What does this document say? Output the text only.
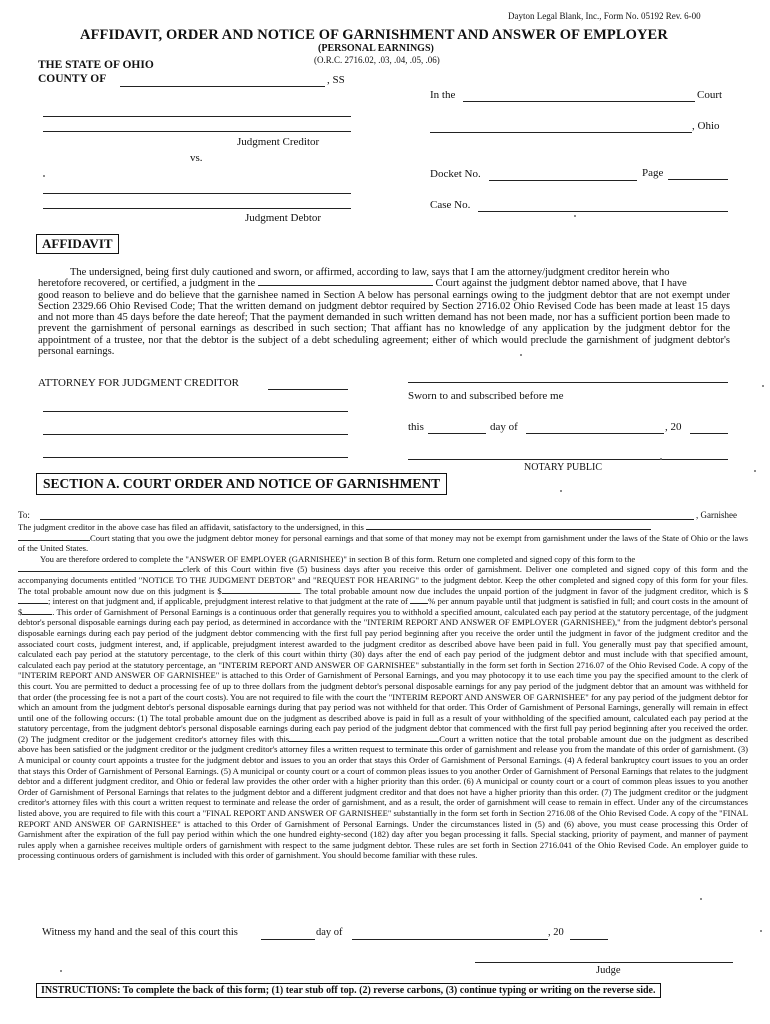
Dayton Legal Blank, Inc., Form No. 05192 Rev. 6-00
AFFIDAVIT, ORDER AND NOTICE OF GARNISHMENT AND ANSWER OF EMPLOYER
(PERSONAL EARNINGS)
(O.R.C. 2716.02, .03, .04, .05, .06)
THE STATE OF OHIO
COUNTY OF	, SS
Judgment Creditor
vs.
Judgment Debtor
In the	Court
, Ohio
Docket No.	Page
Case No.
AFFIDAVIT
The undersigned, being first duly cautioned and sworn, or affirmed, according to law, says that I am the attorney/judgment creditor herein who
heretofore recovered, or certified, a judgment in the	Court against the judgment debtor named above, that I have
good reason to believe and do believe that the garnishee named in Section A below has personal earnings owing to the judgment debtor that are not exempt under Section 2329.66 Ohio Revised Code; That the written demand on judgment debtor required by Section 2716.02 Ohio Revised Code has been made at least 15 days and not more than 45 days before the date hereof; That the payment demanded in such written demand has not been made, nor has a sufficient portion been made to prevent the garnishment of personal earnings as described in such section; That affiant has no knowledge of any application by the judgment debtor for the appointment of a trustee, nor that the debtor is the subject of a debt scheduling agreement; either of which would preclude the garnishment of judgment debtor's personal earnings.
ATTORNEY FOR JUDGMENT CREDITOR
Sworn to and subscribed before me
this	day of	, 20
NOTARY PUBLIC
SECTION A. COURT ORDER AND NOTICE OF GARNISHMENT
To:	, Garnishee
The judgment creditor in the above case has filed an affidavit, satisfactory to the undersigned, in this
Court stating that you owe the judgment debtor money for personal earnings and that some of that money may not be exempt from garnishment under the laws of the State of Ohio or the laws of the United States.
You are therefore ordered to complete the "ANSWER OF EMPLOYER (GARNISHEE)" in section B of this form. Return one completed and signed copy of this form to the
clerk of this Court within five (5) business days after you receive this order of garnishment. Deliver one completed and signed copy of this form and the accompanying documents entitled "NOTICE TO THE JUDGMENT DEBTOR" and "REQUEST FOR HEARING" to the judgment debtor. Keep the other completed and signed copy of this form for your files. The total probable amount now due on this judgment is $	. The total probable amount now due includes the unpaid portion of the judgment in favor of the judgment creditor, which is $; interest on that judgment and, if applicable, prejudgment interest relative to that judgment at the rate of % per annum payable until that judgment is satisfied in full; and court costs in the amount of $	. This order of Garnishment of Personal Earnings is a continuous order that generally requires you to withhold a specified amount, calculated each pay period at the statutory percentage, of the judgment debtor's personal disposable earnings during each pay period, as determined in accordance with the "INTERIM REPORT AND ANSWER OF EMPLOYER (GARNISHEE)," from the judgment debtor's personal disposable earnings during each pay period of the judgment debtor commencing with the first full pay period beginning after you receive the order until the judgment in favor of the judgment creditor and the associated court costs, judgment interest, and, if applicable, prejudgment interest awarded to the judgment creditor as described above have been paid in full. You generally must pay that specified amount, calculated each pay period at the statutory percentage, to the clerk of this court within thirty (30) days after the end of each pay period of the judgment debtor and must include with that specified amount, calculated each pay period at the statutory percentage, an "INTERIM REPORT AND ANSWER OF GARNISHEE" substantially in the form set forth in Section 2716.07 of the Ohio Revised Code. A copy of the "INTERIM REPORT AND ANSWER OF GARNISHEE" is attached to this Order of Garnishment of Personal Earnings, and you may photocopy it to use each time you pay the specified amount to the clerk of this court. You are permitted to deduct a processing fee of up to three dollars from the judgment debtor's personal disposable earnings for any pay period of the judgment debtor that an amount was withheld for that order (the processing fee is not a part of the court costs). You are not required to file with the court the "INTERIM REPORT AND ANSWER OF GARNISHEE" for any pay period of the judgment debtor for which an amount from the judgment debtor's personal disposable earnings during that pay period was not withheld for that order. This Order of Garnishment of Personal Earnings, generally will remain in effect until one of the following occurs: (1) The total probable amount due on the judgment as described above is paid in full as a result of your withholding of the specified amount, calculated each pay period at the statutory percentage, from the judgment debtor's personal disposable earnings during each pay period of the judgment debtor that commenced with the first full pay period beginning after you received the order. (2) The judgment creditor or the judgement creditor's attorney files with this	Court a written notice that the total probable amount due on the judgment as described above has been satisfied or the judgment creditor or the judgment creditor's attorney files a written request to terminate this order of garnishment and release you from the mandate of this order of garnishment. (3) A municipal or county court appoints a trustee for the judgment debtor and issues to you an order that stays this Order of Garnishment of Personal Earnings. (4) A federal bankruptcy court issues to you an order that stays this Order of Garnishment of Personal Earnings. (5) A municipal or county court or a court of common pleas issues to you another Order of Garnishment of Personal Earnings that relates to the judgment debtor and a different judgment creditor, and Ohio or federal law provides the other order with a higher priority than this order. (6) A municipal or county court or a court of common pleas issues to you another Order of Garnishment of Personal Earnings that relates to the judgment debtor and a different judgment creditor and that does not have a higher priority than this order. (7) The judgment creditor or the judgment creditor's attorney files with this court a written request to terminate and release the order of garnishment, and as a result, the order of garnishment will cease to remain in effect. Under any of the circumstances listed above, you are required to file with this court a "FINAL REPORT AND ANSWER OF GARNISHEE" substantially in the form set forth in Section 2716.08 of the Ohio Revised Code. A copy of the "FINAL REPORT AND ANSWER OF GARNISHEE" is attached to this Order of Garnishment of Personal Earnings. Under the circumstances listed in (5) and (6) above, you must cease processing this Order of Garnishment after the expiration of the full pay period within which the one hundred eighty-second (182) day after you began processing it falls. Special stacking, priority of payment, and manner of payment rules apply when a garnishee receives multiple orders of garnishment with respect to the same judgment debtor. These rules are set forth in Section 2716.041 of the Ohio Revised Code. An employer guide to processing continuous orders of garnishment is included with this order of garnishment. You should become familiar with these rules.
Witness my hand and the seal of this court this	day of	, 20
Judge
INSTRUCTIONS: To complete the back of this form; (1) tear stub off top. (2) reverse carbons, (3) continue typing or writing on the reverse side.
